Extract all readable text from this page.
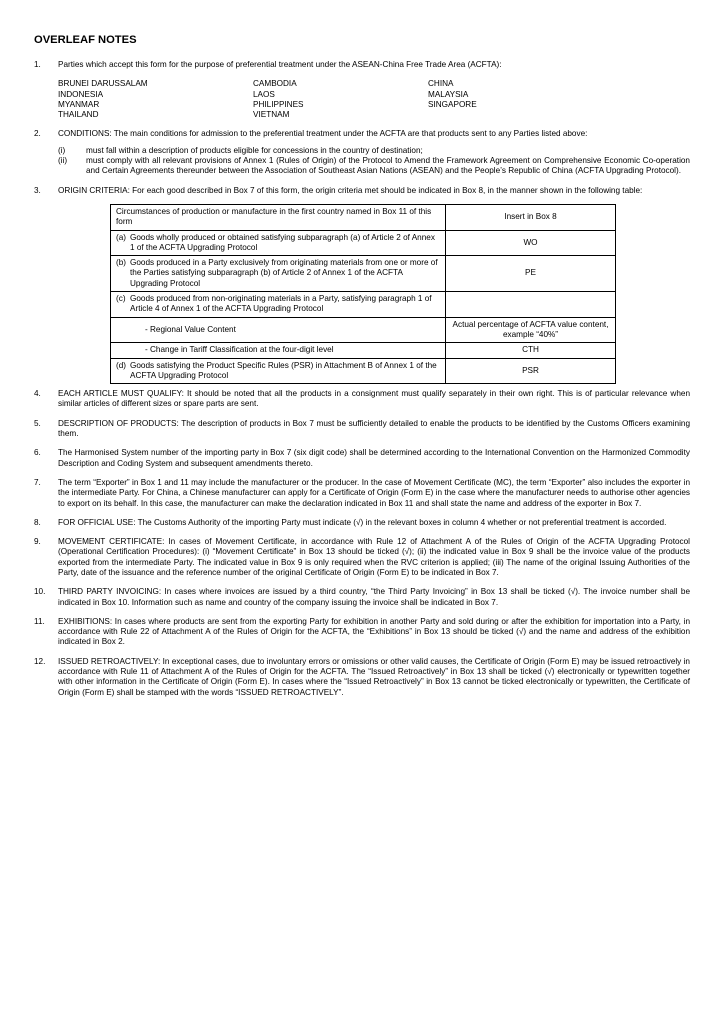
OVERLEAF NOTES
1.	Parties which accept this form for the purpose of preferential treatment under the ASEAN-China Free Trade Area (ACFTA):
BRUNEI DARUSSALAM	CAMBODIA	CHINA
INDONESIA	LAOS	MALAYSIA
MYANMAR	PHILIPPINES	SINGAPORE
THAILAND	VIETNAM
2.	CONDITIONS: The main conditions for admission to the preferential treatment under the ACFTA are that products sent to any Parties listed above:
(i)	must fall within a description of products eligible for concessions in the country of destination;
(ii)	must comply with all relevant provisions of Annex 1 (Rules of Origin) of the Protocol to Amend the Framework Agreement on Comprehensive Economic Co-operation and Certain Agreements thereunder between the Association of Southeast Asian Nations (ASEAN) and the People’s Republic of China (ACFTA Upgrading Protocol).
3.	ORIGIN CRITERIA: For each good described in Box 7 of this form, the origin criteria met should be indicated in Box 8, in the manner shown in the following table:
Circumstances of production or manufacture in the first country named in Box 11 of this form	Insert in Box 8

(a) Goods wholly produced or obtained satisfying subparagraph (a) of Article 2 of Annex 1 of the ACFTA Upgrading Protocol	WO

(b) Goods produced in a Party exclusively from originating materials from one or more of the Parties satisfying subparagraph (b) of Article 2 of Annex 1 of the ACFTA Upgrading Protocol	PE

(c) Goods produced from non-originating materials in a Party, satisfying paragraph 1 of Article 4 of Annex 1 of the ACFTA Upgrading Protocol	

- Regional Value Content	Actual percentage of ACFTA value content, example “40%”
- Change in Tariff Classification at the four-digit level	CTH

(d) Goods satisfying the Product Specific Rules (PSR) in Attachment B of Annex 1 of the ACFTA Upgrading Protocol	PSR
4.	EACH ARTICLE MUST QUALIFY: It should be noted that all the products in a consignment must qualify separately in their own right. This is of particular relevance when similar articles of different sizes or spare parts are sent.
5.	DESCRIPTION OF PRODUCTS: The description of products in Box 7 must be sufficiently detailed to enable the products to be identified by the Customs Officers examining them.
6.	The Harmonised System number of the importing party in Box 7 (six digit code) shall be determined according to the International Convention on the Harmonized Commodity Description and Coding System and subsequent amendments thereto.
7.	The term “Exporter” in Box 1 and 11 may include the manufacturer or the producer. In the case of Movement Certificate (MC), the term “Exporter” also includes the exporter in the intermediate Party. For China, a Chinese manufacturer can apply for a Certificate of Origin (Form E) in the case where the manufacturer needs to authorise other agencies to export on its behalf. In this case, the manufacturer can make the declaration indicated in Box 11 and shall state the name and address of the exporter in Box 7.
8.	FOR OFFICIAL USE: The Customs Authority of the importing Party must indicate (√) in the relevant boxes in column 4 whether or not preferential treatment is accorded.
9.	MOVEMENT CERTIFICATE: In cases of Movement Certificate, in accordance with Rule 12 of Attachment A of the Rules of Origin of the ACFTA Upgrading Protocol (Operational Certification Procedures): (i) “Movement Certificate” in Box 13 should be ticked (√); (ii) the indicated value in Box 9 shall be the invoice value of the products exported from the intermediate Party. The indicated value in Box 9 is only required when the RVC criterion is applied; (iii) The name of the original Issuing Authorities of the Party, date of the issuance and the reference number of the original Certificate of Origin (Form E) to be indicated in Box 7.
10.	THIRD PARTY INVOICING: In cases where invoices are issued by a third country, “the Third Party Invoicing” in Box 13 shall be ticked (√). The invoice number shall be indicated in Box 10. Information such as name and country of the company issuing the invoice shall be indicated in Box 7.
11.	EXHIBITIONS: In cases where products are sent from the exporting Party for exhibition in another Party and sold during or after the exhibition for importation into a Party, in accordance with Rule 22 of Attachment A of the Rules of Origin for the ACFTA, the “Exhibitions” in Box 13 should be ticked (√) and the name and address of the exhibition indicated in Box 2.
12.	ISSUED RETROACTIVELY: In exceptional cases, due to involuntary errors or omissions or other valid causes, the Certificate of Origin (Form E) may be issued retroactively in accordance with Rule 11 of Attachment A of the Rules of Origin for the ACFTA. The “Issued Retroactively” in Box 13 shall be ticked (√) electronically or typewritten together with other information in the Certificate of Origin (Form E). In cases where the “Issued Retroactively” in Box 13 cannot be ticked electronically or typewritten, the Certificate of Origin (Form E) shall be stamped with the words “ISSUED RETROACTIVELY”.
